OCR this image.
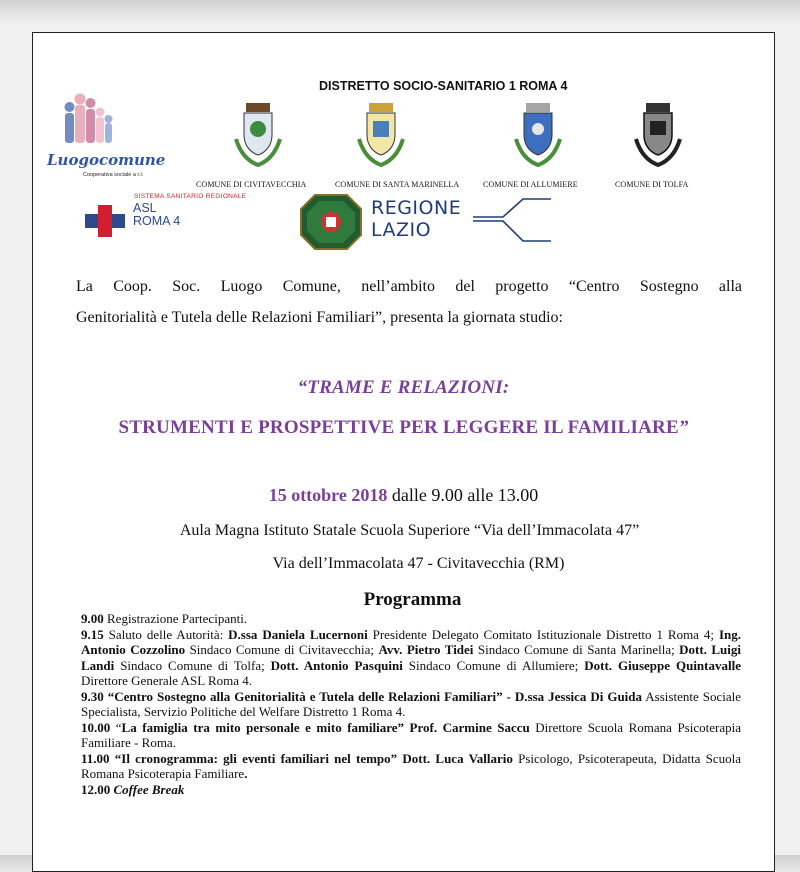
Luogocomune
Cooperativa sociale a r.l.
DISTRETTO SOCIO-SANITARIO 1 ROMA 4
COMUNE DI CIVITAVECCHIA	COMUNE DI SANTA MARINELLA	COMUNE DI ALLUMIERE	COMUNE DI TOLFA
SISTEMA SANITARIO REGIONALE
ASL
ROMA 4
REGIONE
LAZIO
La Coop. Soc. Luogo Comune, nell’ambito del progetto “Centro Sostegno alla
Genitorialità e Tutela delle Relazioni Familiari”, presenta la giornata studio:
“TRAME E RELAZIONI:
STRUMENTI E PROSPETTIVE PER LEGGERE IL FAMILIARE”
15 ottobre 2018 dalle 9.00 alle 13.00
Aula Magna Istituto Statale Scuola Superiore “Via dell’Immacolata 47”
Via dell’Immacolata 47 - Civitavecchia (RM)
Programma

9.00 Registrazione Partecipanti.

9.15 Saluto delle Autorità: D.ssa Daniela Lucernoni Presidente Delegato Comitato Istituzionale Distretto 1 Roma 4; Ing. Antonio Cozzolino Sindaco Comune di Civitavecchia; Avv. Pietro Tidei Sindaco Comune di Santa Marinella; Dott. Luigi Landi Sindaco Comune di Tolfa; Dott. Antonio Pasquini Sindaco Comune di Allumiere; Dott. Giuseppe Quintavalle Direttore Generale ASL Roma 4.

9.30 “Centro Sostegno alla Genitorialità e Tutela delle Relazioni Familiari” - D.ssa Jessica Di Guida Assistente Sociale Specialista, Servizio Politiche del Welfare Distretto 1 Roma 4.

10.00 “La famiglia tra mito personale e mito familiare” Prof. Carmine Saccu Direttore Scuola Romana Psicoterapia Familiare - Roma.

11.00 “Il cronogramma: gli eventi familiari nel tempo” Dott. Luca Vallario Psicologo, Psicoterapeuta, Didatta Scuola Romana Psicoterapia Familiare.

12.00 Coffee Break
